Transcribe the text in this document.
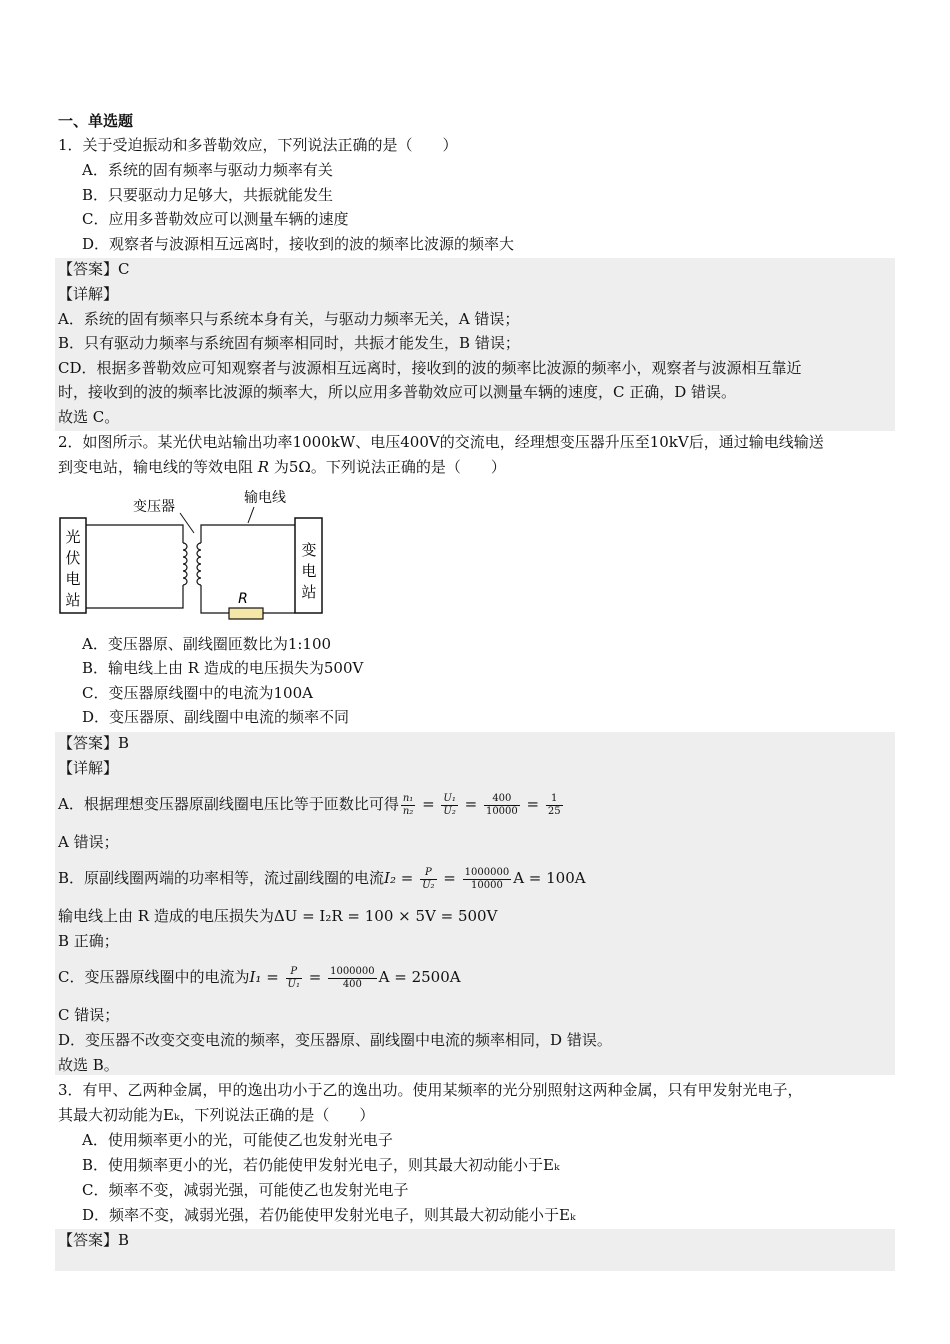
一、单选题
1．关于受迫振动和多普勒效应，下列说法正确的是（　　）
A．系统的固有频率与驱动力频率有关
B．只要驱动力足够大，共振就能发生
C．应用多普勒效应可以测量车辆的速度
D．观察者与波源相互远离时，接收到的波的频率比波源的频率大
【答案】C
【详解】
A．系统的固有频率只与系统本身有关，与驱动力频率无关，A 错误；
B．只有驱动力频率与系统固有频率相同时，共振才能发生，B 错误；
CD．根据多普勒效应可知观察者与波源相互远离时，接收到的波的频率比波源的频率小，观察者与波源相互靠近
时，接收到的波的频率比波源的频率大，所以应用多普勒效应可以测量车辆的速度，C 正确，D 错误。
故选 C。
2．如图所示。某光伏电站输出功率1000kW、电压400V的交流电，经理想变压器升压至10kV后，通过输电线输送
到变电站，输电线的等效电阻 R 为5Ω。下列说法正确的是（　　）
光
伏
电
站	R
变
电
站
变压器
输电线
A．变压器原、副线圈匝数比为1:100
B．输电线上由 R 造成的电压损失为500V
C．变压器原线圈中的电流为100A
D．变压器原、副线圈中电流的频率不同
【答案】B
【详解】
A．根据理想变压器原副线圈电压比等于匝数比可得 $\frac{\text{n₁}}{\text{n₂}} = \frac{\text{U₁}}{\text{U₂}} = \frac{400}{10000} = \frac{1}{25}$
A 错误；
B．原副线圈两端的功率相等，流过副线圈的电流$I_2 = \frac{P}{\text{U₂}} = \frac{1000000}{10000}$ A = 100A
输电线上由 R 造成的电压损失为ΔU = I₂R = 100 × 5V = 500V
B 正确；
C．变压器原线圈中的电流为$I_1 = \frac{P}{\text{U₁}} = \frac{1000000}{400}$ A = 2500A
C 错误；
D．变压器不改变交变电流的频率，变压器原、副线圈中电流的频率相同，D 错误。
故选 B。
3．有甲、乙两种金属，甲的逸出功小于乙的逸出功。使用某频率的光分别照射这两种金属，只有甲发射光电子，
其最大初动能为Eₖ，下列说法正确的是（　　）
A．使用频率更小的光，可能使乙也发射光电子
B．使用频率更小的光，若仍能使甲发射光电子，则其最大初动能小于Eₖ
C．频率不变，减弱光强，可能使乙也发射光电子
D．频率不变，减弱光强，若仍能使甲发射光电子，则其最大初动能小于Eₖ
【答案】B
